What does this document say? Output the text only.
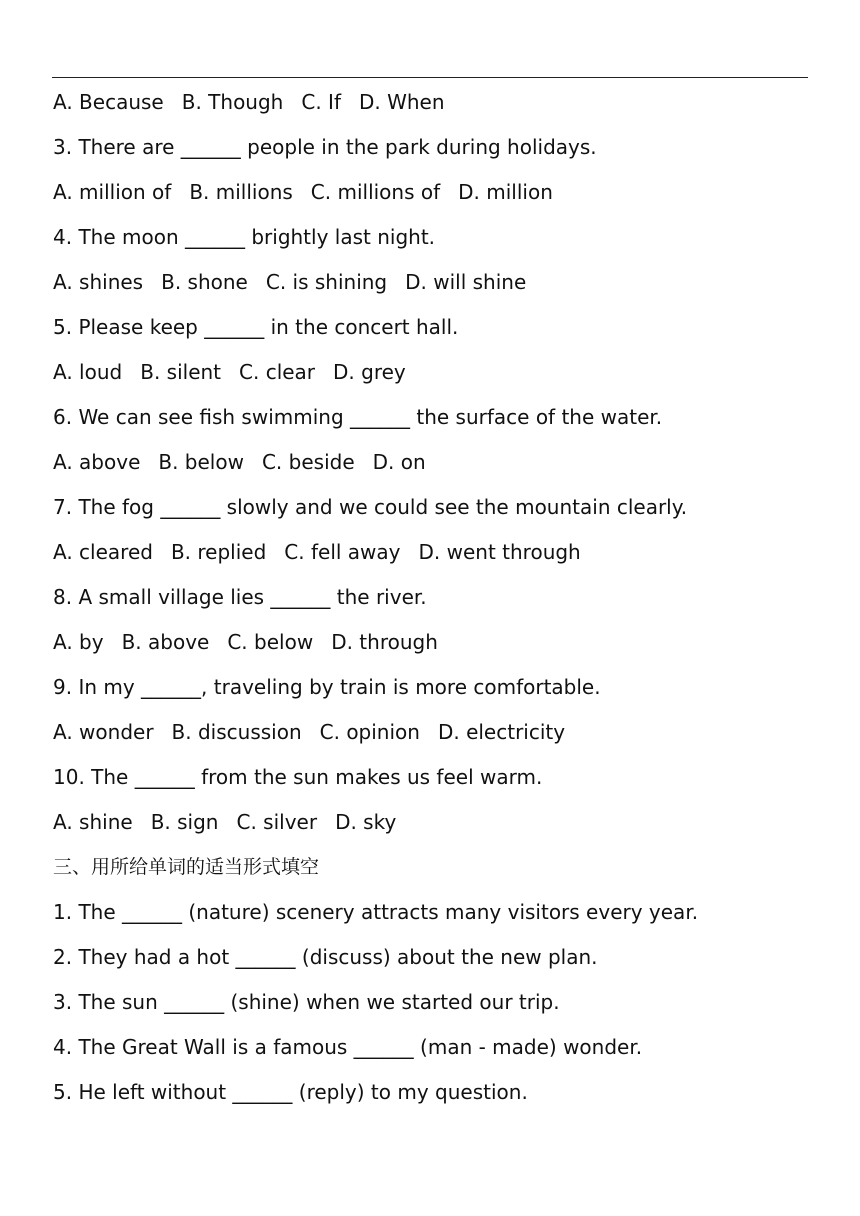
A. Because B. Though C. If D. When
3. There are ______ people in the park during holidays.
A. million of B. millions C. millions of D. million
4. The moon ______ brightly last night.
A. shines B. shone C. is shining D. will shine
5. Please keep ______ in the concert hall.
A. loud B. silent C. clear D. grey
6. We can see fish swimming ______ the surface of the water.
A. above B. below C. beside D. on
7. The fog ______ slowly and we could see the mountain clearly.
A. cleared B. replied C. fell away D. went through
8. A small village lies ______ the river.
A. by B. above C. below D. through
9. In my ______, traveling by train is more comfortable.
A. wonder B. discussion C. opinion D. electricity
10. The ______ from the sun makes us feel warm.
A. shine B. sign C. silver D. sky
三、用所给单词的适当形式填空
1. The ______ (nature) scenery attracts many visitors every year.
2. They had a hot ______ (discuss) about the new plan.
3. The sun ______ (shine) when we started our trip.
4. The Great Wall is a famous ______ (man - made) wonder.
5. He left without ______ (reply) to my question.
